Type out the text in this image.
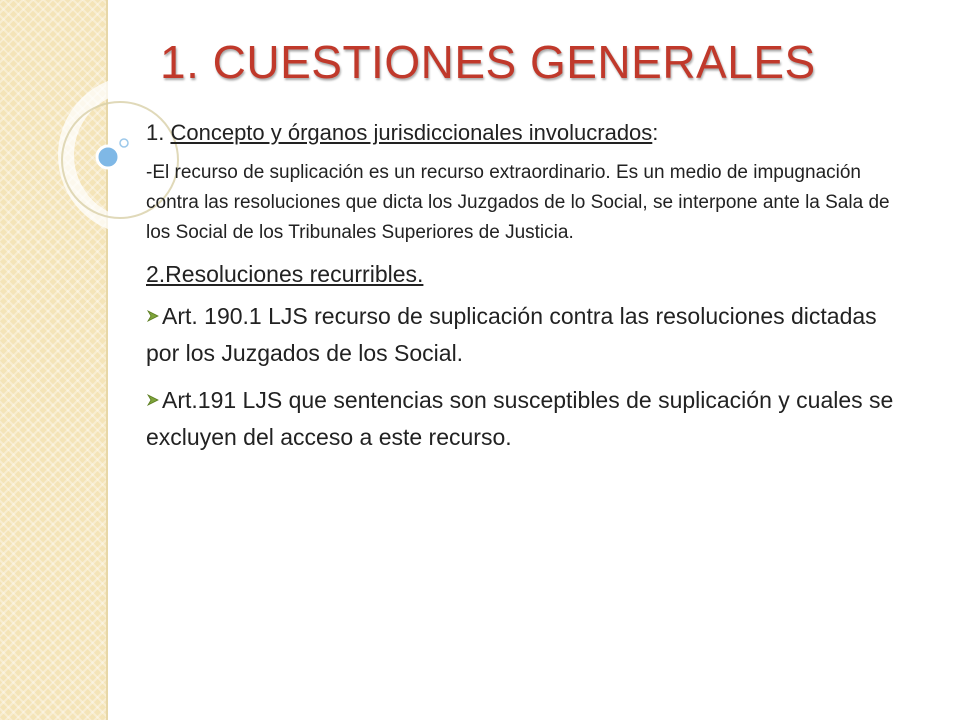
1. CUESTIONES GENERALES

1. Concepto y órganos jurisdiccionales involucrados:

-El recurso de suplicación es un recurso extraordinario. Es un medio de impugnación contra las resoluciones que dicta los Juzgados de lo Social, se interpone ante la Sala de los Social de los Tribunales Superiores de Justicia.

2.Resoluciones recurribles.

Art. 190.1 LJS recurso de suplicación contra las resoluciones dictadas por los Juzgados de los Social.

Art.191 LJS que sentencias son susceptibles de suplicación y cuales se excluyen del acceso a este recurso.
